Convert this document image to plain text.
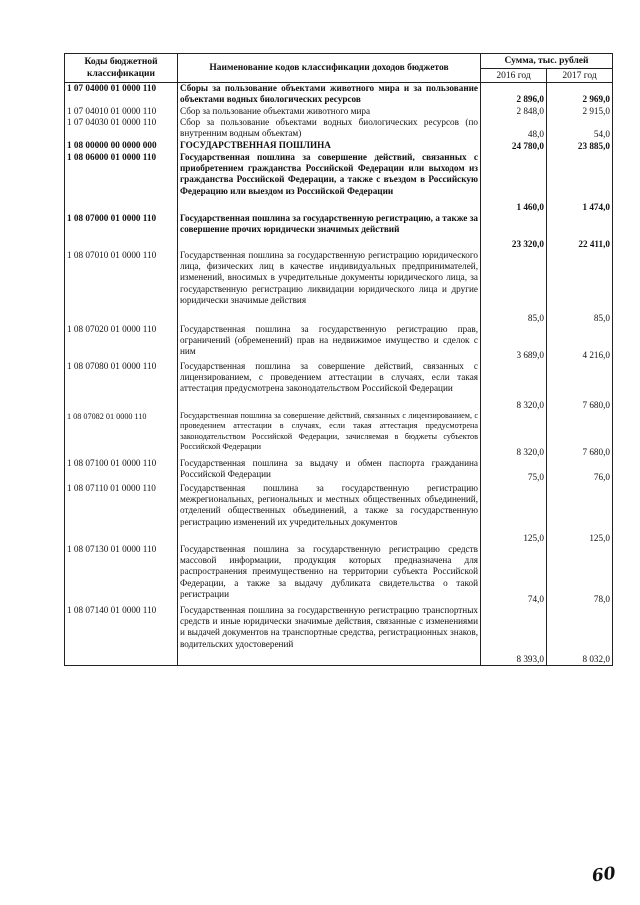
Коды бюджетной классификации	Наименование кодов классификации доходов бюджетов	Сумма, тыс. рублей	
		2016 год	2017 год
1 07 04000 01 0000 110	Сборы за пользование объектами животного мира и за пользование объектами водных биологических ресурсов	2 896,0	2 969,0
1 07 04010 01 0000 110	Сбор за пользование объектами животного мира	2 848,0	2 915,0
1 07 04030 01 0000 110	Сбор за пользование объектами водных биологических ресурсов (по внутренним водным объектам)	48,0	54,0
1 08 00000 00 0000 000	ГОСУДАРСТВЕННАЯ ПОШЛИНА	24 780,0	23 885,0
1 08 06000 01 0000 110	Государственная пошлина за совершение действий, связанных с приобретением гражданства Российской Федерации или выходом из гражданства Российской Федерации, а также с въездом в Российскую Федерацию или выездом из Российской Федерации	1 460,0	1 474,0
1 08 07000 01 0000 110	Государственная пошлина за государственную регистрацию, а также за совершение прочих юридически значимых действий	23 320,0	22 411,0
1 08 07010 01 0000 110	Государственная пошлина за государственную регистрацию юридического лица, физических лиц в качестве индивидуальных предпринимателей, изменений, вносимых в учредительные документы юридического лица, за государственную регистрацию ликвидации юридического лица и другие юридически значимые действия	85,0	85,0
1 08 07020 01 0000 110	Государственная пошлина за государственную регистрацию прав, ограничений (обременений) прав на недвижимое имущество и сделок с ним	3 689,0	4 216,0
1 08 07080 01 0000 110	Государственная пошлина за совершение действий, связанных с лицензированием, с проведением аттестации в случаях, если такая аттестация предусмотрена законодательством Российской Федерации	8 320,0	7 680,0
1 08 07082 01 0000 110	Государственная пошлина за совершение действий, связанных с лицензированием, с проведением аттестации в случаях, если такая аттестация предусмотрена законодательством Российской Федерации, зачисляемая в бюджеты субъектов Российской Федерации	8 320,0	7 680,0
1 08 07100 01 0000 110	Государственная пошлина за выдачу и обмен паспорта гражданина Российской Федерации	75,0	76,0
1 08 07110 01 0000 110	Государственная пошлина за государственную регистрацию межрегиональных, региональных и местных общественных объединений, отделений общественных объединений, а также за государственную регистрацию изменений их учредительных документов	125,0	125,0
1 08 07130 01 0000 110	Государственная пошлина за государственную регистрацию средств массовой информации, продукция которых предназначена для распространения преимущественно на территории субъекта Российской Федерации, а также за выдачу дубликата свидетельства о такой регистрации	74,0	78,0
1 08 07140 01 0000 110	Государственная пошлина за государственную регистрацию транспортных средств и иные юридически значимые действия, связанные с изменениями и выдачей документов на транспортные средства, регистрационных знаков, водительских удостоверений	8 393,0	8 032,0
60
